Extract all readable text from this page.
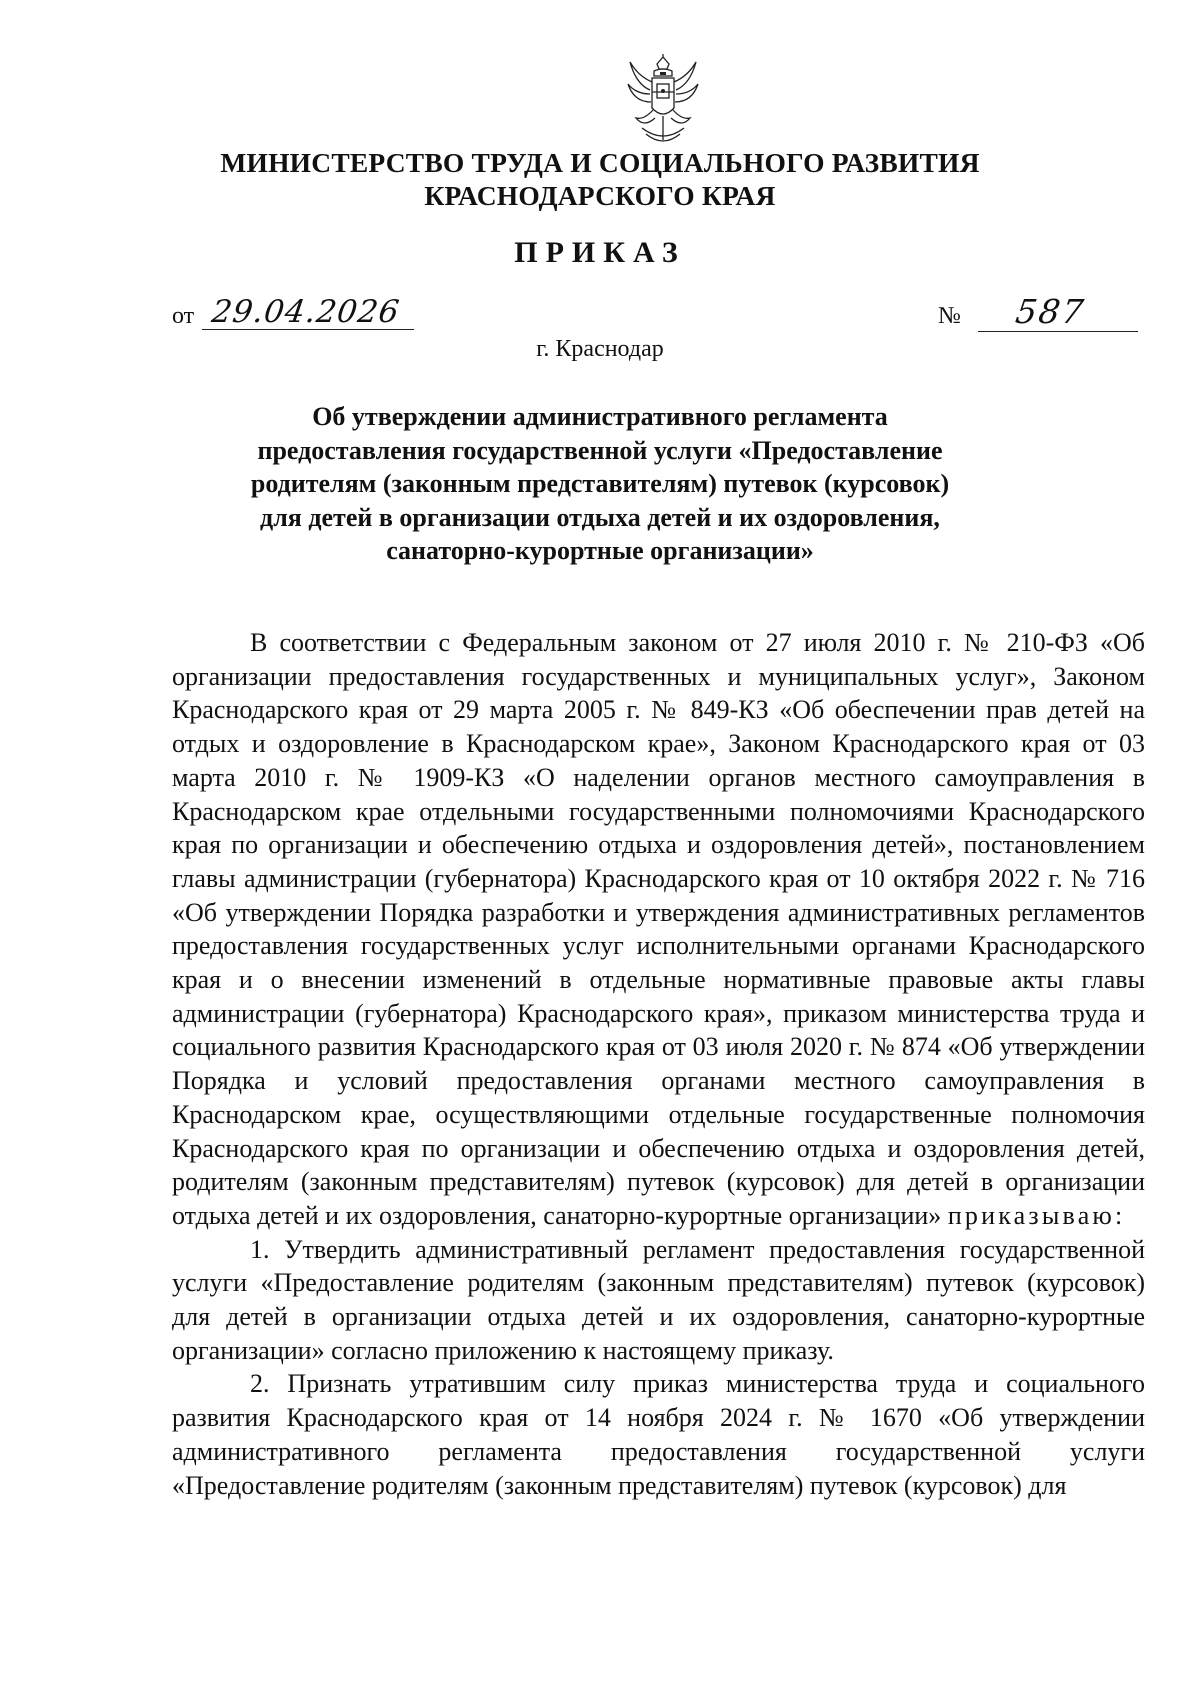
МИНИСТЕРСТВО ТРУДА И СОЦИАЛЬНОГО РАЗВИТИЯ
КРАСНОДАРСКОГО КРАЯ
ПРИКАЗ
от 29.04.2026	№ 587
г. Краснодар
Об утверждении административного регламента
предоставления государственной услуги «Предоставление
родителям (законным представителям) путевок (курсовок)
для детей в организации отдыха детей и их оздоровления,
санаторно-курортные организации»

В соответствии с Федеральным законом от 27 июля 2010 г. № 210-ФЗ «Об организации предоставления государственных и муниципальных услуг», Законом Краснодарского края от 29 марта 2005 г. № 849-КЗ «Об обеспечении прав детей на отдых и оздоровление в Краснодарском крае», Законом Краснодарского края от 03 марта 2010 г. № 1909-КЗ «О наделении органов местного самоуправления в Краснодарском крае отдельными государственными полномочиями Краснодарского края по организации и обеспечению отдыха и оздоровления детей», постановлением главы администрации (губернатора) Краснодарского края от 10 октября 2022 г. № 716 «Об утверждении Порядка разработки и утверждения административных регламентов предоставления государственных услуг исполнительными органами Краснодарского края и о внесении изменений в отдельные нормативные правовые акты главы администрации (губернатора) Краснодарского края», приказом министерства труда и социального развития Краснодарского края от 03 июля 2020 г. № 874 «Об утверждении Порядка и условий предоставления органами местного самоуправления в Краснодарском крае, осуществляющими отдельные государственные полномочия Краснодарского края по организации и обеспечению отдыха и оздоровления детей, родителям (законным представителям) путевок (курсовок) для детей в организации отдыха детей и их оздоровления, санаторно-курортные организации» приказываю:

1. Утвердить административный регламент предоставления государственной услуги «Предоставление родителям (законным представителям) путевок (курсовок) для детей в организации отдыха детей и их оздоровления, санаторно-курортные организации» согласно приложению к настоящему приказу.

2. Признать утратившим силу приказ министерства труда и социального развития Краснодарского края от 14 ноября 2024 г. № 1670 «Об утверждении административного регламента предоставления государственной услуги «Предоставление родителям (законным представителям) путевок (курсовок) для
